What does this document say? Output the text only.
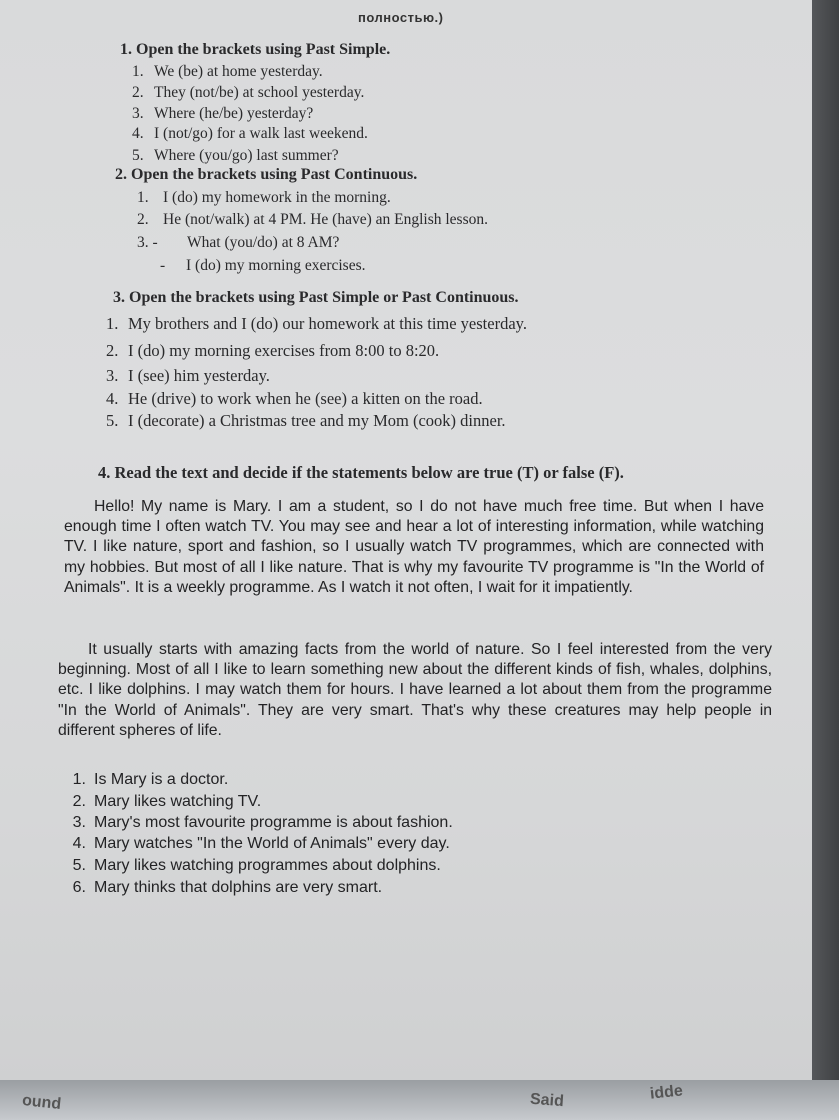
полностью.)
1. Open the brackets using Past Simple.
1. We (be) at home yesterday.
2. They (not/be) at school yesterday.
3. Where (he/be) yesterday?
4. I (not/go) for a walk last weekend.
5. Where (you/go) last summer?
2. Open the brackets using Past Continuous.
1. I (do) my homework in the morning.
2. He (not/walk) at 4 PM. He (have) an English lesson.
3. - What (you/do) at 8 AM?
- I (do) my morning exercises.
3. Open the brackets using Past Simple or Past Continuous.
1. My brothers and I (do) our homework at this time yesterday.
2. I (do) my morning exercises from 8:00 to 8:20.
3. I (see) him yesterday.
4. He (drive) to work when he (see) a kitten on the road.
5. I (decorate) a Christmas tree and my Mom (cook) dinner.
4. Read the text and decide if the statements below are true (T) or false (F).

Hello! My name is Mary. I am a student, so I do not have much free time. But when I have enough time I often watch TV. You may see and hear a lot of interesting information, while watching TV. I like nature, sport and fashion, so I usually watch TV programmes, which are connected with my hobbies. But most of all I like nature. That is why my favourite TV programme is "In the World of Animals". It is a weekly programme. As I watch it not often, I wait for it impatiently.

It usually starts with amazing facts from the world of nature. So I feel interested from the very beginning. Most of all I like to learn something new about the different kinds of fish, whales, dolphins, etc. I like dolphins. I may watch them for hours. I have learned a lot about them from the programme "In the World of Animals". They are very smart. That's why these creatures may help people in different spheres of life.

1. Is Mary is a doctor.
2. Mary likes watching TV.
3. Mary's most favourite programme is about fashion.
4. Mary watches "In the World of Animals" every day.
5. Mary likes watching programmes about dolphins.
6. Mary thinks that dolphins are very smart.
ound	Said	idde
